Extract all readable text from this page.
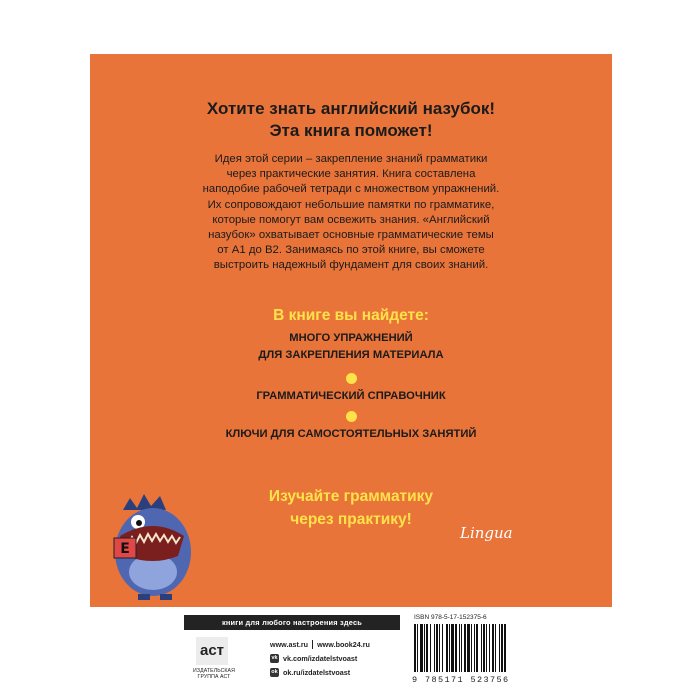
Хотите знать английский назубок!
Эта книга поможет!
Идея этой серии – закрепление знаний грамматики
через практические занятия. Книга составлена
наподобие рабочей тетради с множеством упражнений.
Их сопровождают небольшие памятки по грамматике,
которые помогут вам освежить знания. «Английский
назубок» охватывает основные грамматические темы
от A1 до B2. Занимаясь по этой книге, вы сможете
выстроить надежный фундамент для своих знаний.
В книге вы найдете:
МНОГО УПРАЖНЕНИЙ
ДЛЯ ЗАКРЕПЛЕНИЯ МАТЕРИАЛА
ГРАММАТИЧЕСКИЙ СПРАВОЧНИК
КЛЮЧИ ДЛЯ САМОСТОЯТЕЛЬНЫХ ЗАНЯТИЙ
Изучайте грамматику
через практику!
E
Lingua
книги для любого настроения здесь
аст
ИЗДАТЕЛЬСКАЯ ГРУППА АСТ
www.ast.ru www.book24.ru
vk vk.com/izdatelstvoast
ok ok.ru/izdatelstvoast
ISBN 978-5-17-152375-6
9 785171 523756
